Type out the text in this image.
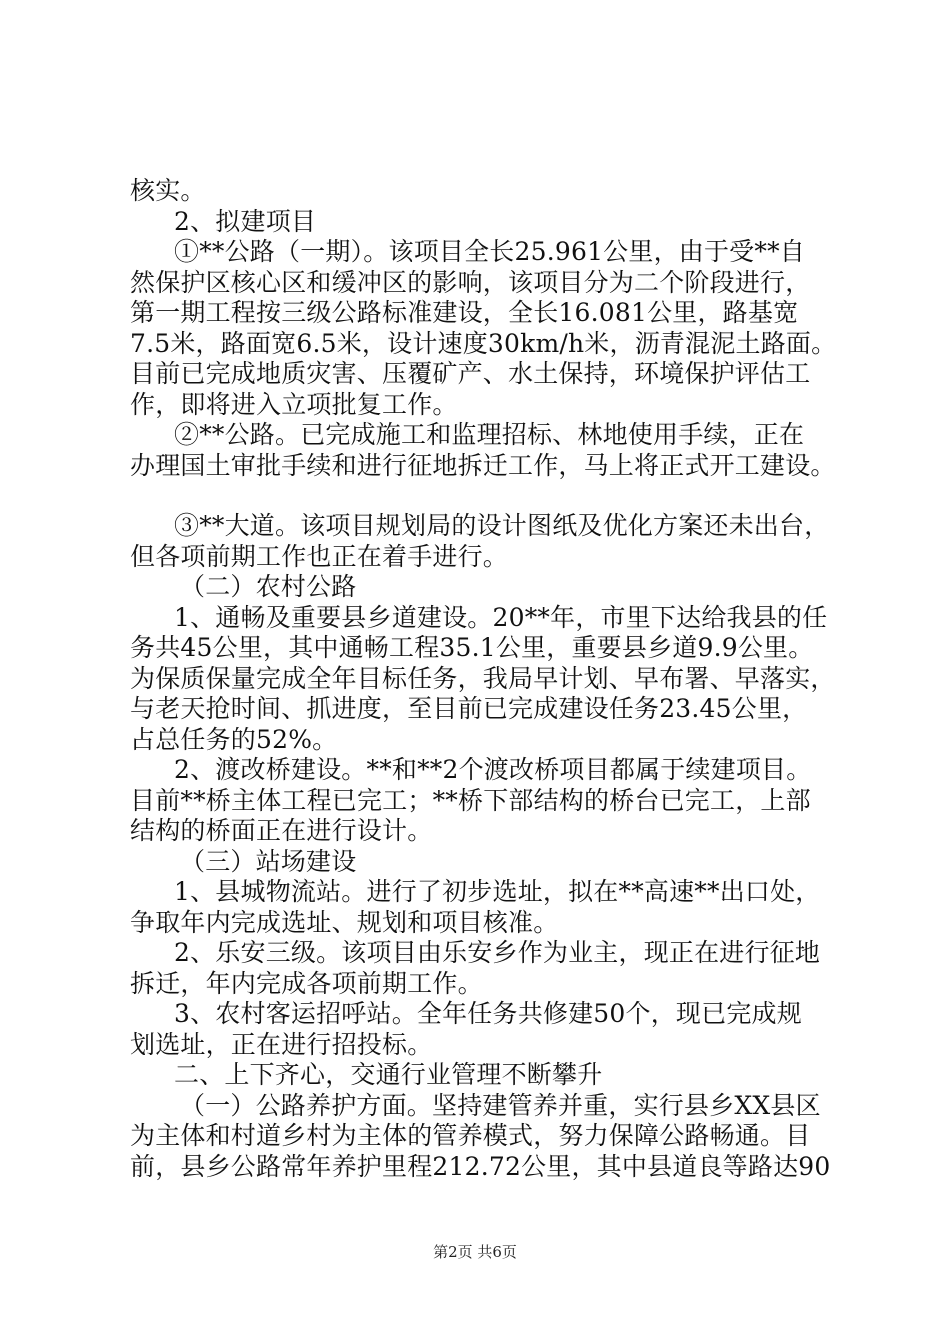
核实。
2、拟建项目
①**公路（一期）。该项目全长25.961公里，由于受**自
然保护区核心区和缓冲区的影响，该项目分为二个阶段进行，
第一期工程按三级公路标准建设，全长16.081公里，路基宽
7.5米，路面宽6.5米，设计速度30km/h米，沥青混泥土路面。
目前已完成地质灾害、压覆矿产、水土保持，环境保护评估工
作，即将进入立项批复工作。
②**公路。已完成施工和监理招标、林地使用手续，正在
办理国土审批手续和进行征地拆迁工作，马上将正式开工建设。
③**大道。该项目规划局的设计图纸及优化方案还未出台，
但各项前期工作也正在着手进行。
（二）农村公路
1、通畅及重要县乡道建设。20**年，市里下达给我县的任
务共45公里，其中通畅工程35.1公里，重要县乡道9.9公里。
为保质保量完成全年目标任务，我局早计划、早布署、早落实，
与老天抢时间、抓进度，至目前已完成建设任务23.45公里，
占总任务的52%。
2、渡改桥建设。**和**2个渡改桥项目都属于续建项目。
目前**桥主体工程已完工；**桥下部结构的桥台已完工，上部
结构的桥面正在进行设计。
（三）站场建设
1、县城物流站。进行了初步选址，拟在**高速**出口处，
争取年内完成选址、规划和项目核准。
2、乐安三级。该项目由乐安乡作为业主，现正在进行征地
拆迁，年内完成各项前期工作。
3、农村客运招呼站。全年任务共修建50个，现已完成规
划选址，正在进行招投标。
二、上下齐心，交通行业管理不断攀升
（一）公路养护方面。坚持建管养并重，实行县乡XX县区
为主体和村道乡村为主体的管养模式，努力保障公路畅通。目
前，县乡公路常年养护里程212.72公里，其中县道良等路达90
第2页 共6页
